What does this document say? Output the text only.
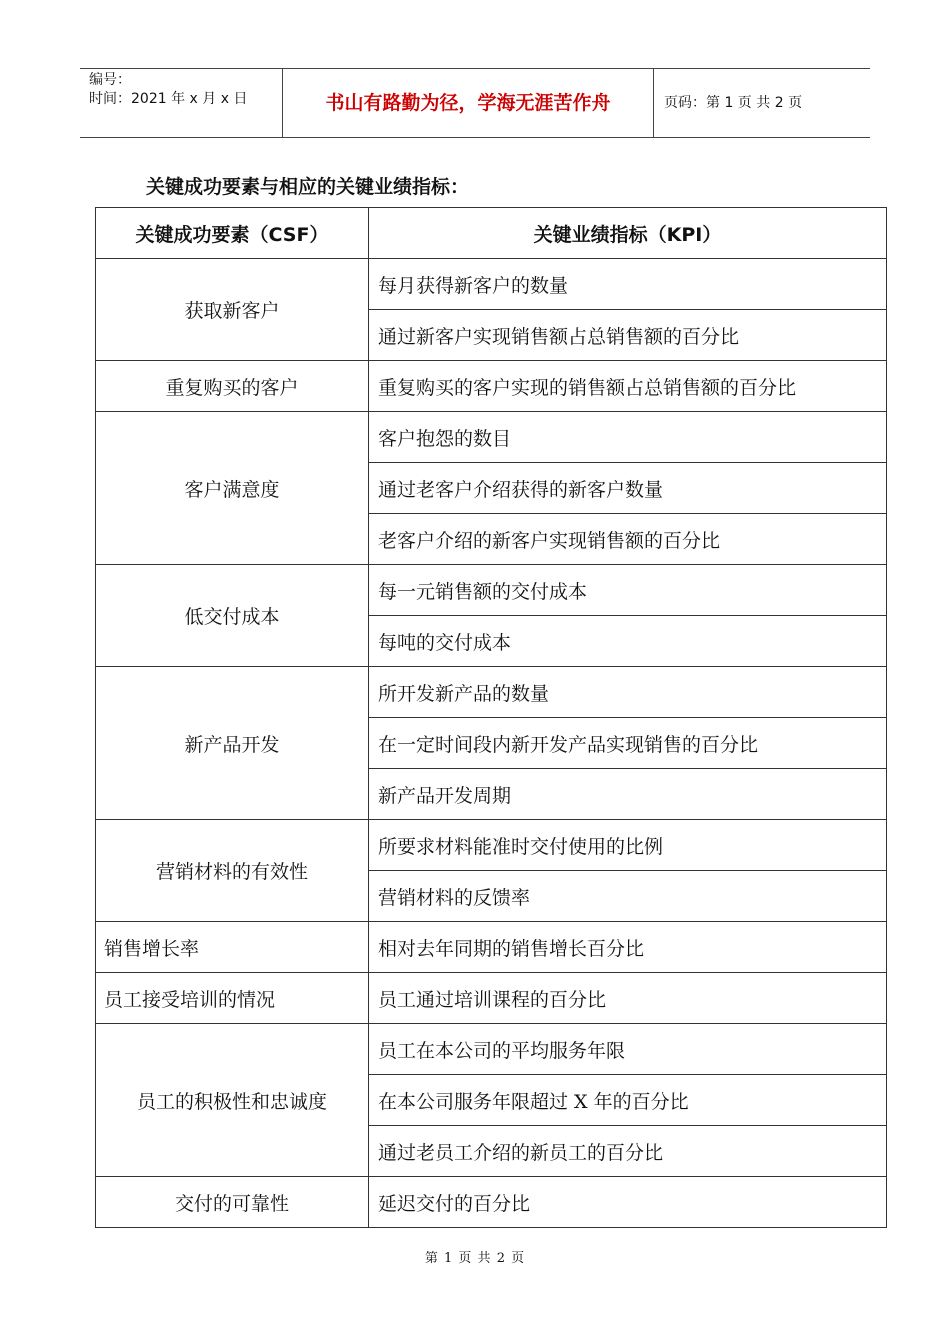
编号：
时间：2021 年 x 月 x 日	书山有路勤为径，学海无涯苦作舟	页码：第 1 页 共 2 页
关键成功要素与相应的关键业绩指标：
关键成功要素（CSF）	关键业绩指标（KPI）
获取新客户	每月获得新客户的数量
	通过新客户实现销售额占总销售额的百分比
重复购买的客户	重复购买的客户实现的销售额占总销售额的百分比
客户满意度	客户抱怨的数目
	通过老客户介绍获得的新客户数量
	老客户介绍的新客户实现销售额的百分比
低交付成本	每一元销售额的交付成本
	每吨的交付成本
新产品开发	所开发新产品的数量
	在一定时间段内新开发产品实现销售的百分比
	新产品开发周期
营销材料的有效性	所要求材料能准时交付使用的比例
	营销材料的反馈率
销售增长率	相对去年同期的销售增长百分比
员工接受培训的情况	员工通过培训课程的百分比
员工的积极性和忠诚度	员工在本公司的平均服务年限
	在本公司服务年限超过 X 年的百分比
	通过老员工介绍的新员工的百分比
交付的可靠性	延迟交付的百分比
第 1 页 共 2 页
